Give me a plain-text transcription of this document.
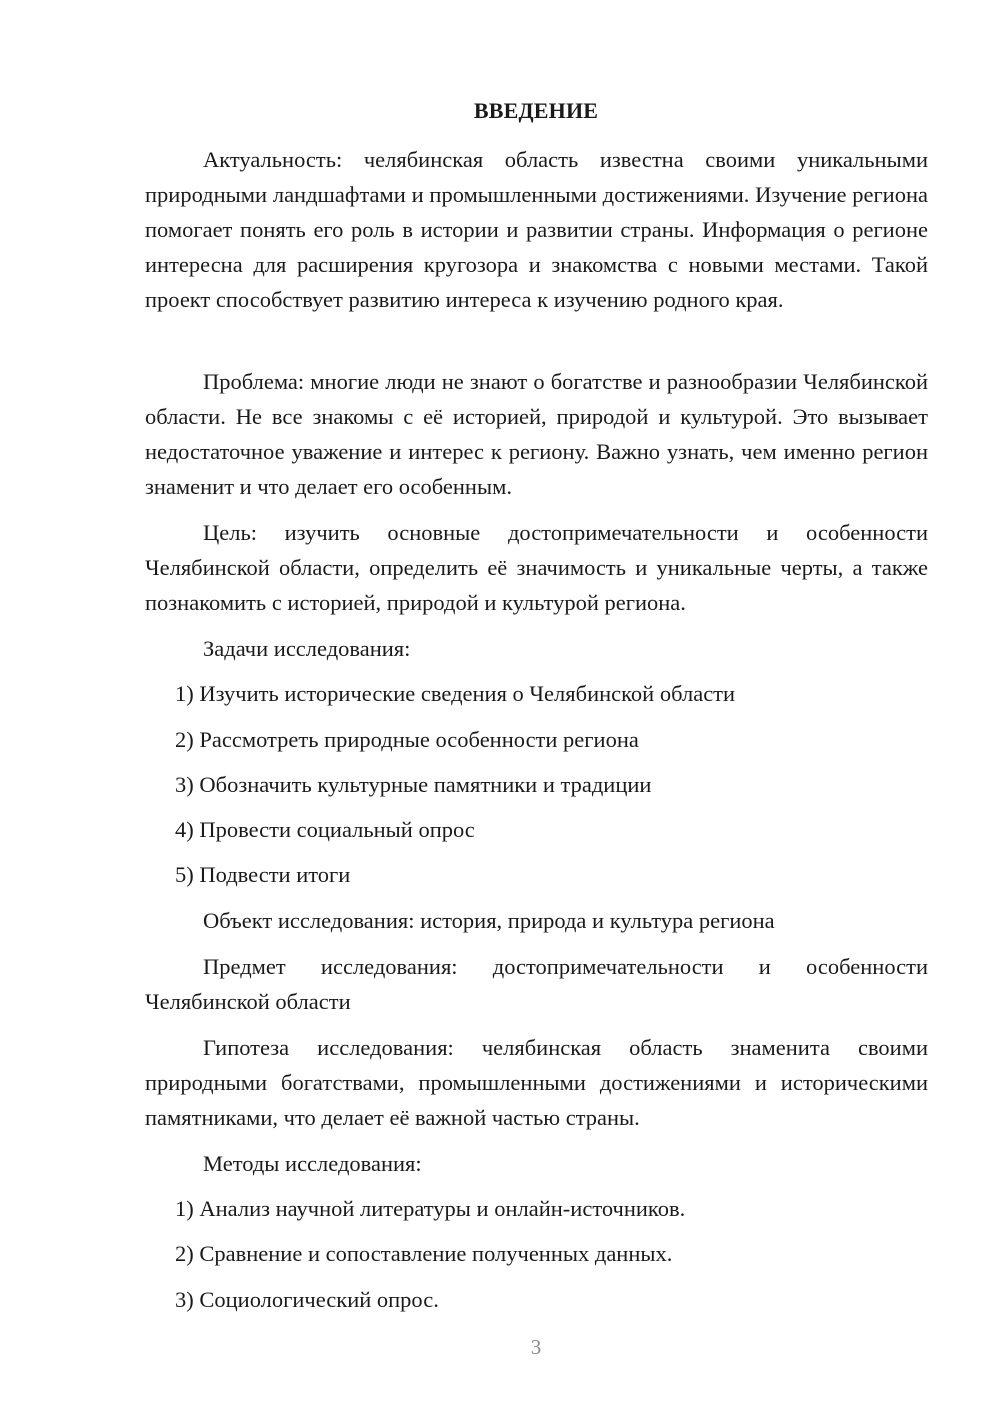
ВВЕДЕНИЕ

Актуальность: челябинская область известна своими уникальными природными ландшафтами и промышленными достижениями. Изучение региона помогает понять его роль в истории и развитии страны. Информация о регионе интересна для расширения кругозора и знакомства с новыми местами. Такой проект способствует развитию интереса к изучению родного края.

Проблема: многие люди не знают о богатстве и разнообразии Челябинской области. Не все знакомы с её историей, природой и культурой. Это вызывает недостаточное уважение и интерес к региону. Важно узнать, чем именно регион знаменит и что делает его особенным.

Цель: изучить основные достопримечательности и особенности Челябинской области, определить её значимость и уникальные черты, а также познакомить с историей, природой и культурой региона.

Задачи исследования:
1) Изучить исторические сведения о Челябинской области
2) Рассмотреть природные особенности региона
3) Обозначить культурные памятники и традиции
4) Провести социальный опрос
5) Подвести итоги
Объект исследования: история, природа и культура региона

Предмет исследования: достопримечательности и особенности Челябинской области

Гипотеза исследования: челябинская область знаменита своими природными богатствами, промышленными достижениями и историческими памятниками, что делает её важной частью страны.

Методы исследования:
1) Анализ научной литературы и онлайн-источников.
2) Сравнение и сопоставление полученных данных.
3) Социологический опрос.
3
